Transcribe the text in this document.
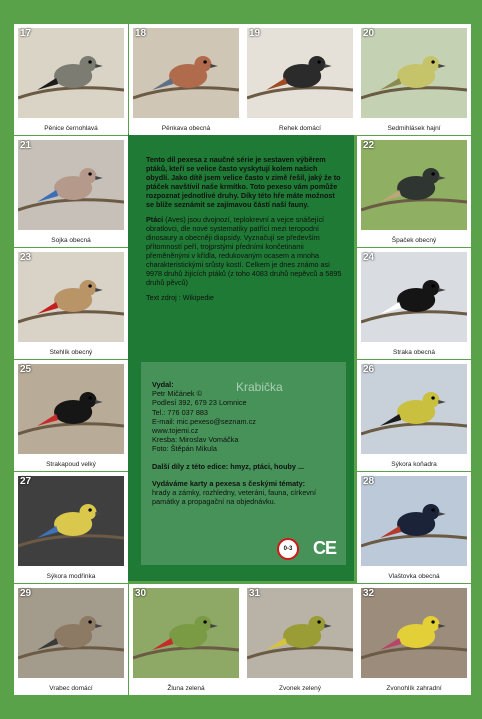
17
Pěnice černohlavá
18
Pěnkava obecná
19
Rehek domácí
20
Sedmihlásek hajní
21
Sojka obecná
22
Špaček obecný
23
Stehlík obecný
24
Straka obecná
25
Strakapoud velký
26
Sýkora koňadra
27
Sýkora modřinka
28
Vlaštovka obecná
29
Vrabec domácí
30
Žluna zelená
31
Zvonek zelený
32
Zvonohlík zahradní

Tento díl pexesa z naučné série je sestaven výběrem ptáků, kteří se velice často vyskytují kolem našich obydlí. Jako dítě jsem velice často v zimě řešil, jaký že to ptáček navštívil naše krmítko. Toto pexeso vám pomůže rozpoznat jednotlivé druhy. Díky této hře máte možnost se blíže seznámit se zajímavou částí naší fauny.

Ptáci (Aves) jsou dvojnozí, teplokrevní a vejce snášející obratlovci, dle nové systematiky patřící mezi teropodní dinosaury a obecněji diapsidy. Vyznačují se především přítomností peří, trojprstými předními končetinami přeměněnými v křídla, redukovaným ocasem a mnoha charakteristickými srůsty kostí. Celkem je dnes známo asi 9978 druhů žijících ptáků (z toho 4083 druhů nepěvců a 5895 druhů pěvců)

Text zdroj : Wikipedie

Krabička
Vydal:
Petr Mičánek ©
Podlesí 392, 679 23 Lomnice
Tel.: 776 037 883
E-mail: mic.pexeso@seznam.cz
www.tojemi.cz
Kresba: Miroslav Vomáčka
Foto: Štěpán Mikula
Další díly z této edice: hmyz, ptáci, houby ...
Vydáváme karty a pexesa s českými tématy:
hrady a zámky, rozhledny, veteráni, fauna, církevní památky a propagační na objednávku.
0-3	CE
